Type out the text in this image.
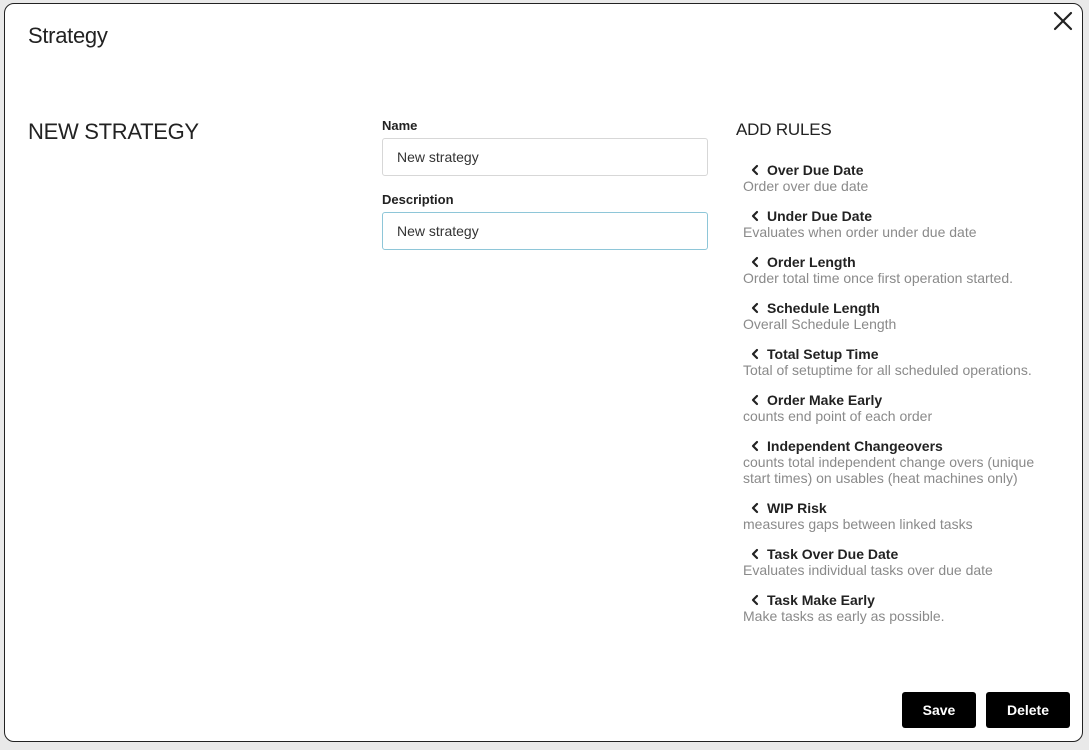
Strategy
NEW STRATEGY	Name
New strategy
Description
New strategy
ADD RULES
Over Due Date
Order over due date
Under Due Date
Evaluates when order under due date
Order Length
Order total time once first operation started.
Schedule Length
Overall Schedule Length
Total Setup Time
Total of setuptime for all scheduled operations.
Order Make Early
counts end point of each order
Independent Changeovers
counts total independent change overs (unique start times) on usables (heat machines only)
WIP Risk
measures gaps between linked tasks
Task Over Due Date
Evaluates individual tasks over due date
Task Make Early
Make tasks as early as possible.
Save	Delete
